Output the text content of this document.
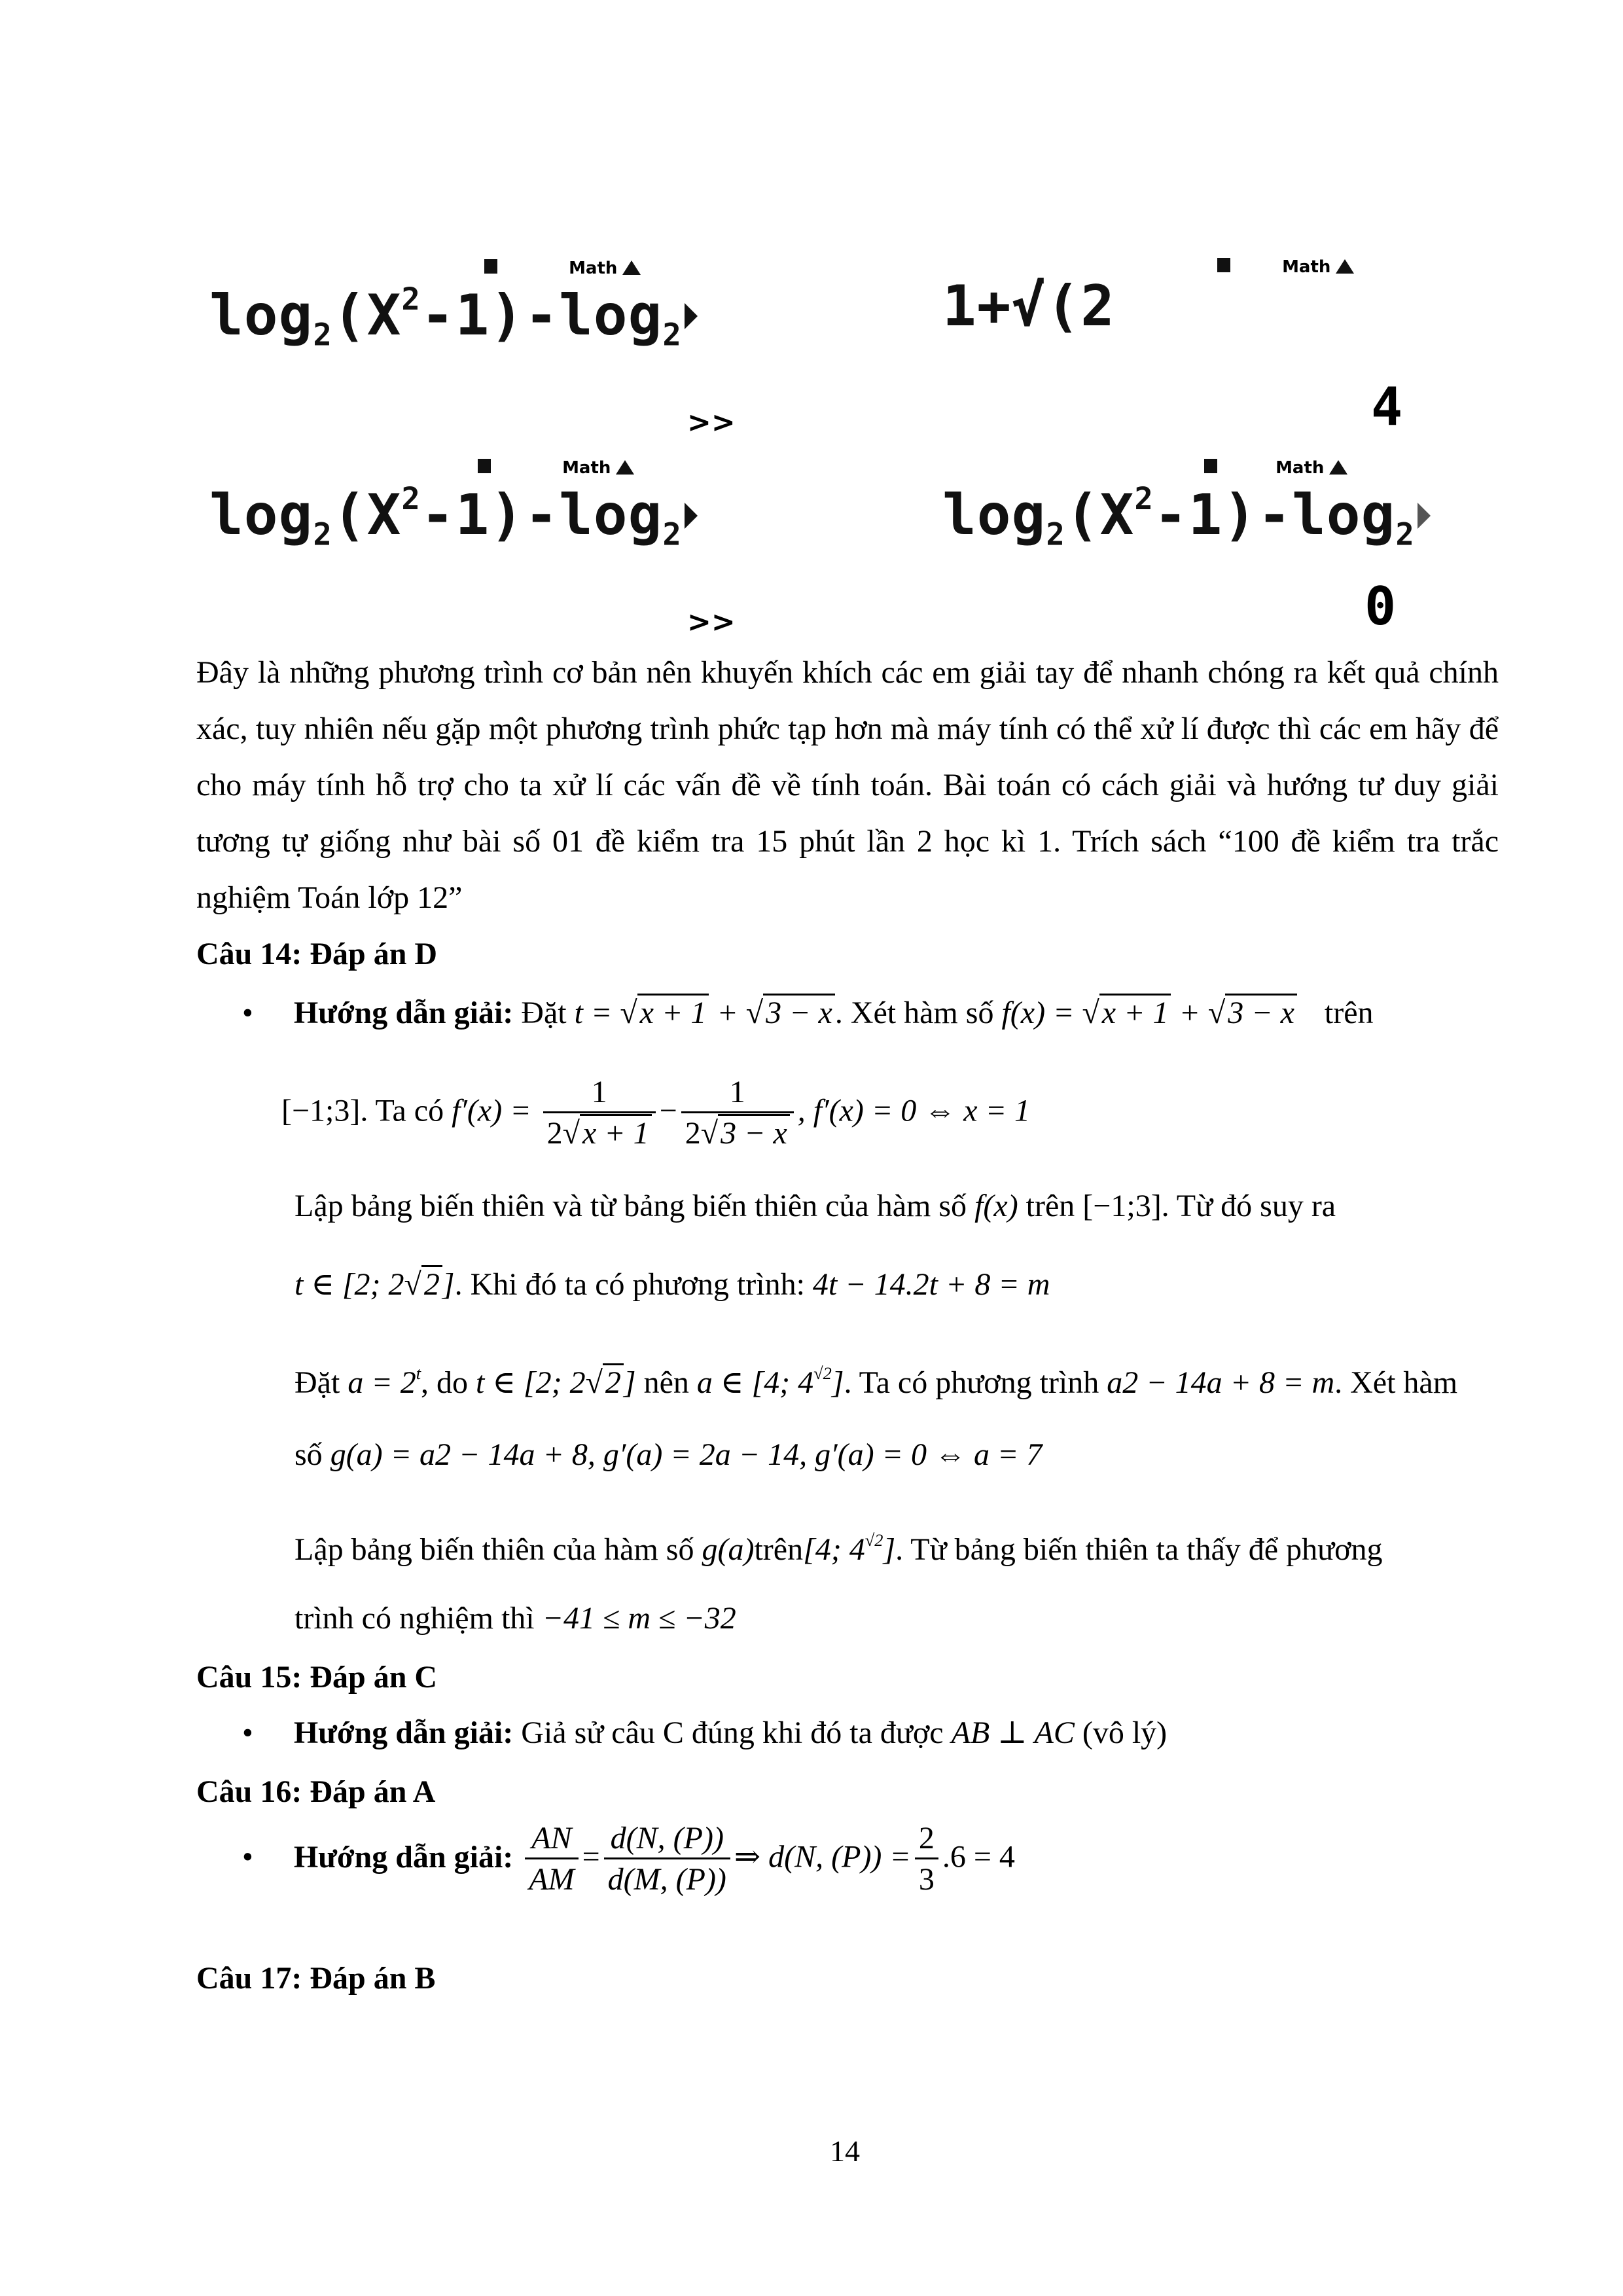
Math
$\log_2(X^2-1)-\log_2$
Math
1+√(2
4
>>
Math
$\log_2(X^2-1)-\log_2$
Math
$\log_2(X^2-1)-\log_2$
0
>>
Đây là những phương trình cơ bản nên khuyến khích các em giải tay để nhanh chóng ra kết quả chính xác, tuy nhiên nếu gặp một phương trình phức tạp hơn mà máy tính có thể xử lí được thì các em hãy để cho máy tính hỗ trợ cho ta xử lí các vấn đề về tính toán. Bài toán có cách giải và hướng tư duy giải tương tự giống như bài số 01 đề kiểm tra 15 phút lần 2 học kì 1. Trích sách “100 đề kiểm tra trắc nghiệm Toán lớp 12”
Câu 14: Đáp án D
• Hướng dẫn giải: Đặt t = √x + 1 + √3 − x. Xét hàm số f(x) = √x + 1 + √3 − x trên
[−1;3]. Ta có $f'(x) = \frac{1}{2√x + 1} - \frac{1}{2√3 - x}$ , f′(x) = 0 ⇔ x = 1
Lập bảng biến thiên và từ bảng biến thiên của hàm số f(x) trên [−1;3]. Từ đó suy ra
t ∈ [2; 2√2]. Khi đó ta có phương trình: 4t − 14.2t + 8 = m
Đặt $a = 2^t$, do t ∈ [2; 2√2] nên a ∈ [4; $4^{√2}$]. Ta có phương trình a2 − 14a + 8 = m. Xét hàm
số g(a) = a2 − 14a + 8, g′(a) = 2a − 14, g′(a) = 0 ⇔ a = 7
Lập bảng biến thiên của hàm số g(a)trên[4; $4^{√2}$]. Từ bảng biến thiên ta thấy để phương
trình có nghiệm thì −41 ≤ m ≤ −32
Câu 15: Đáp án C
• Hướng dẫn giải: Giả sử câu C đúng khi đó ta được AB ⊥ AC (vô lý)
Câu 16: Đáp án A
• Hướng dẫn giải: $\frac{AN}{AM} = \frac{d(N, (P))}{d(M, (P))}$ ⇒ d(N, $(P)) = \frac{2}{3} .6 = 4$
Câu 17: Đáp án B
14
